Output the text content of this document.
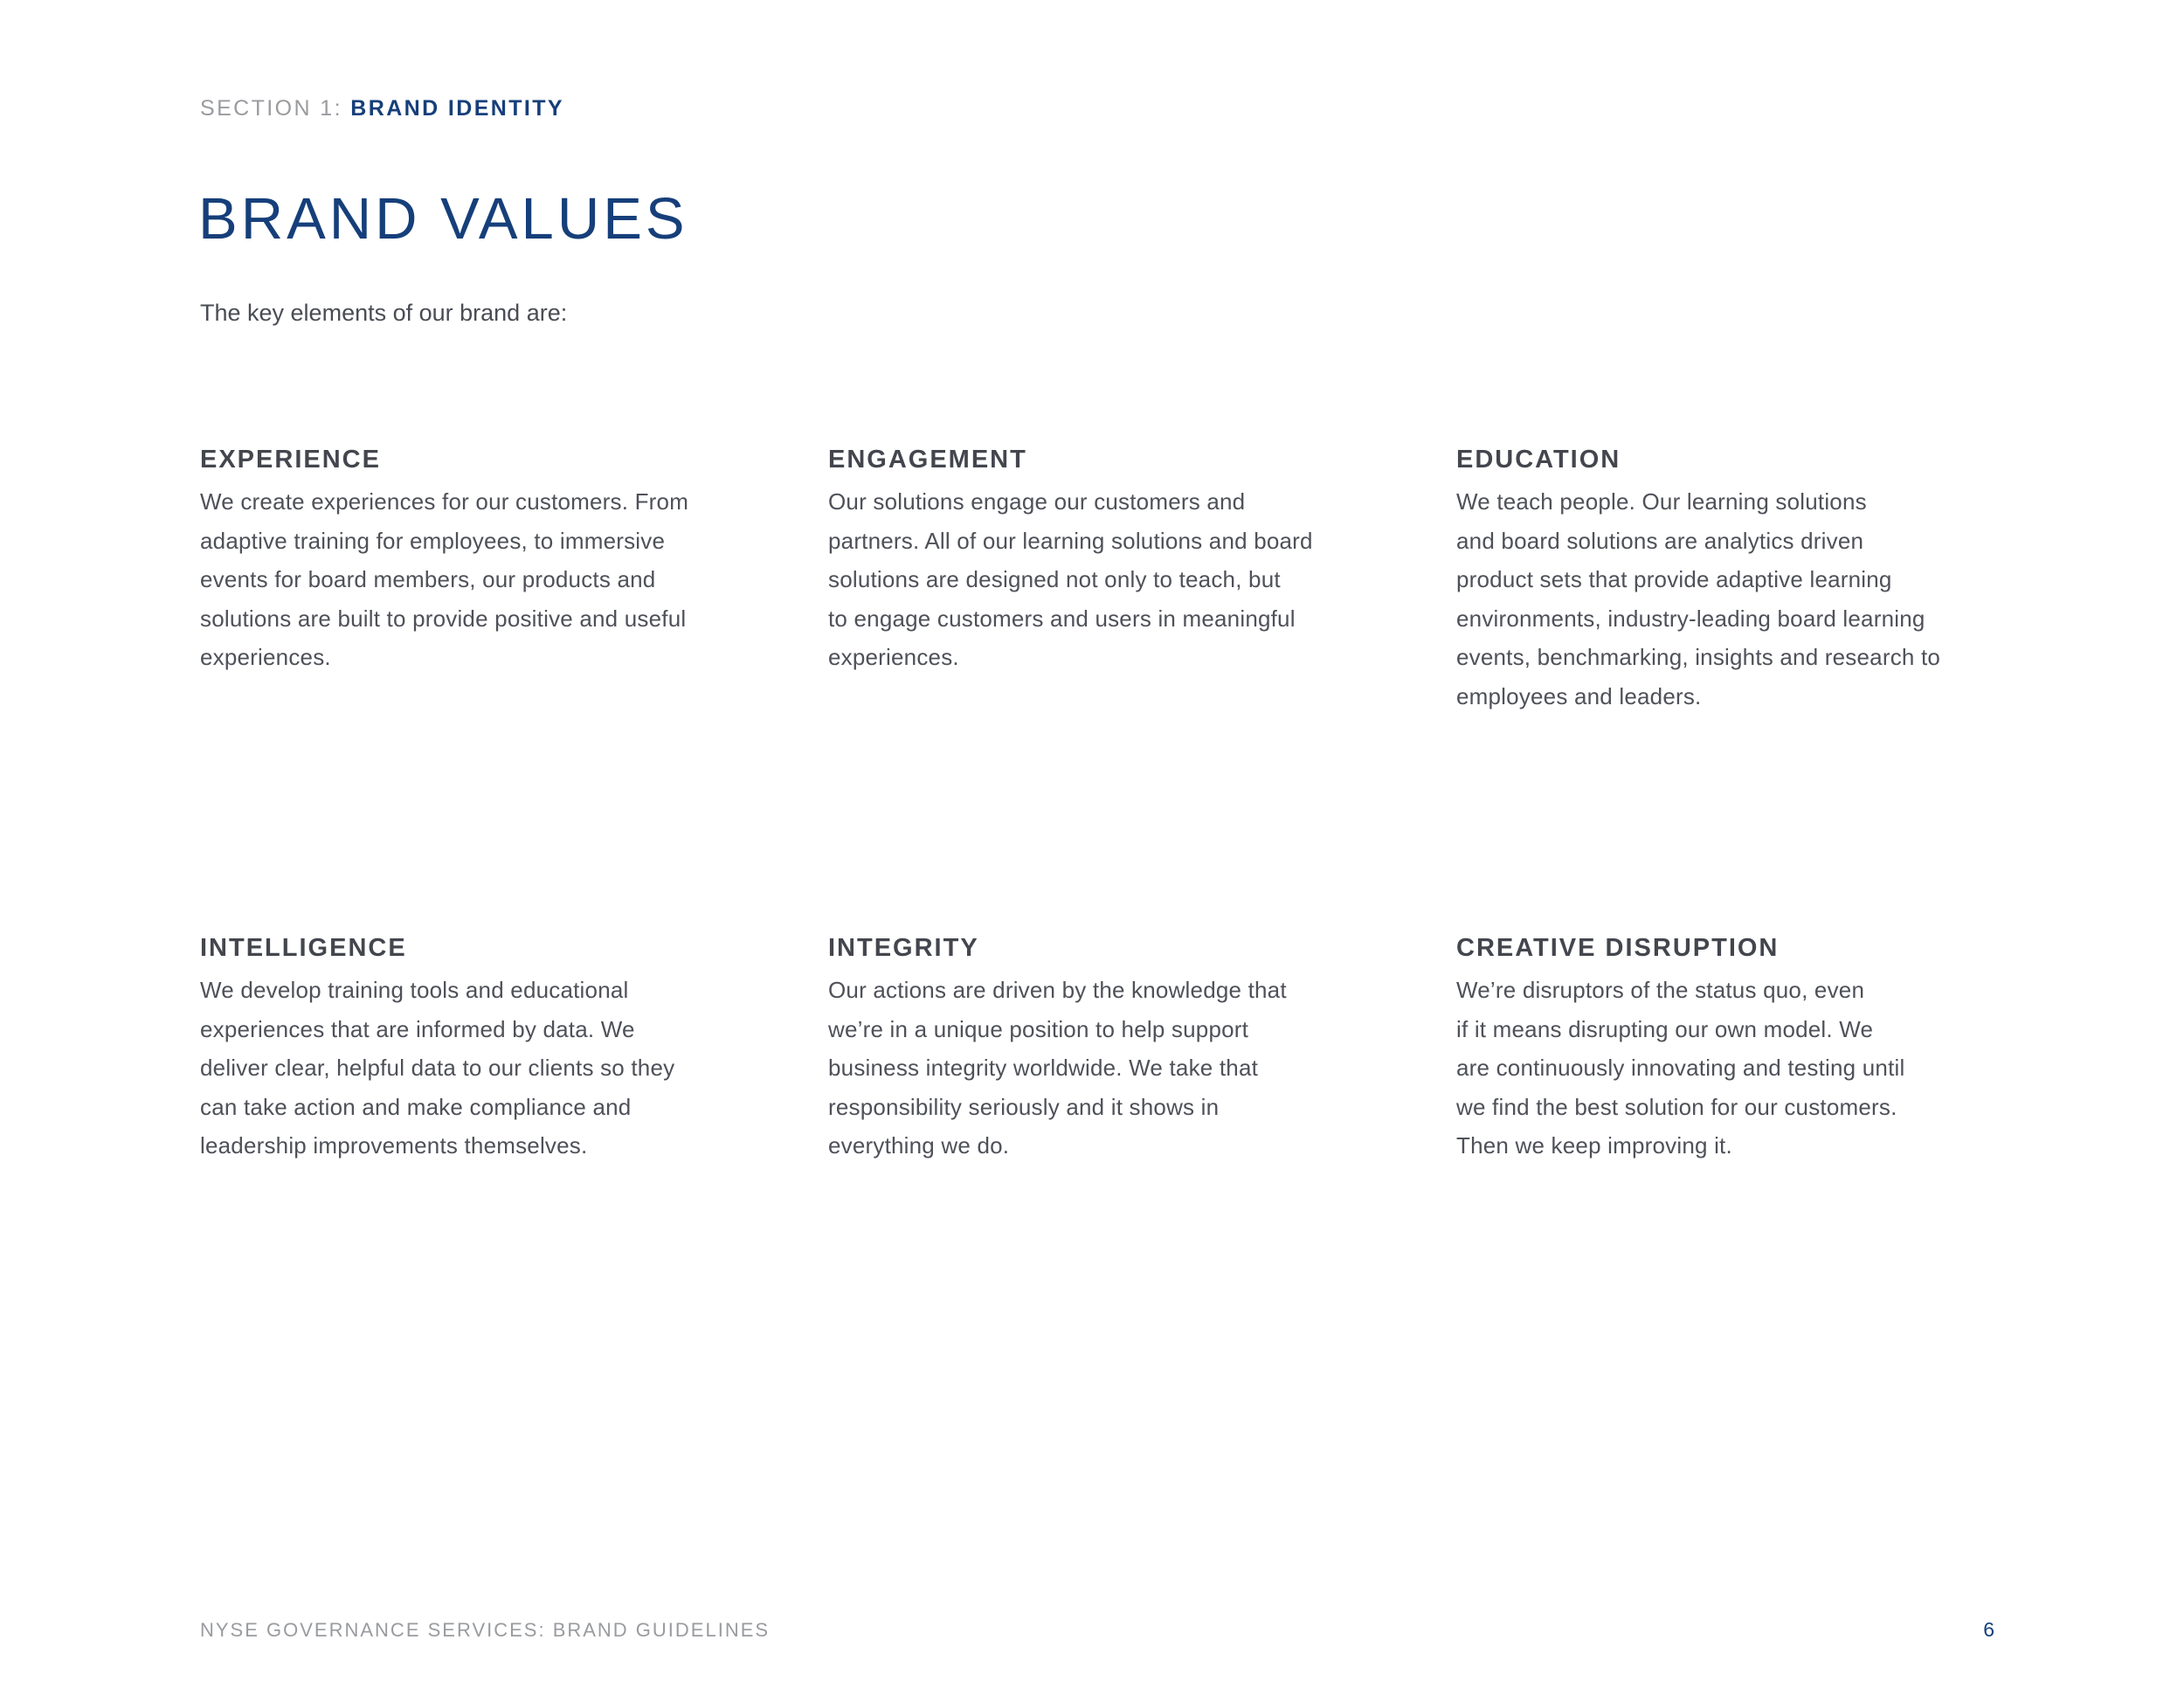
SECTION 1: BRAND IDENTITY
BRAND VALUES

The key elements of our brand are:

EXPERIENCE

We create experiences for our customers. From
adaptive training for employees, to immersive
events for board members, our products and
solutions are built to provide positive and useful
experiences.

ENGAGEMENT

Our solutions engage our customers and
partners. All of our learning solutions and board
solutions are designed not only to teach, but
to engage customers and users in meaningful
experiences.

EDUCATION

We teach people. Our learning solutions
and board solutions are analytics driven
product sets that provide adaptive learning
environments, industry-leading board learning
events, benchmarking, insights and research to
employees and leaders.

INTELLIGENCE

We develop training tools and educational
experiences that are informed by data. We
deliver clear, helpful data to our clients so they
can take action and make compliance and
leadership improvements themselves.

INTEGRITY

Our actions are driven by the knowledge that
we’re in a unique position to help support
business integrity worldwide. We take that
responsibility seriously and it shows in
everything we do.

CREATIVE DISRUPTION

We’re disruptors of the status quo, even
if it means disrupting our own model. We
are continuously innovating and testing until
we find the best solution for our customers.
Then we keep improving it.

NYSE GOVERNANCE SERVICES: BRAND GUIDELINES	6
